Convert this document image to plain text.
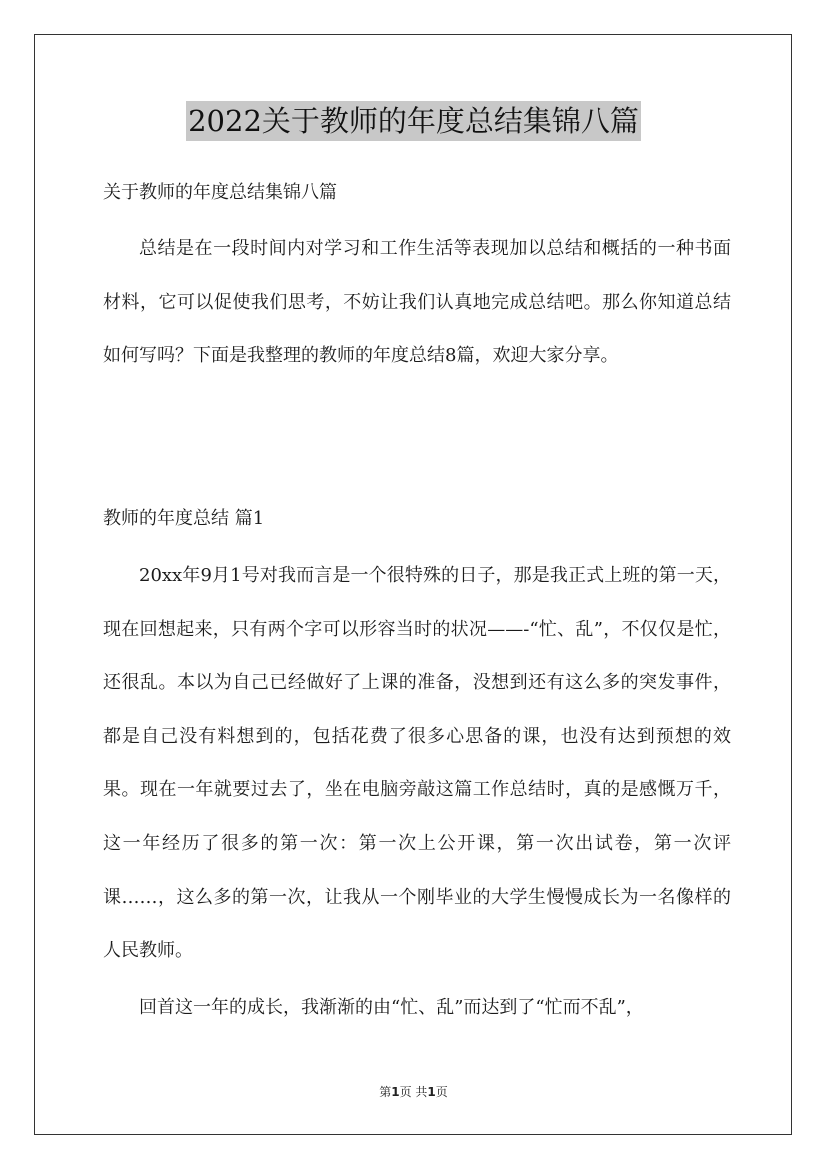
2022关于教师的年度总结集锦八篇
关于教师的年度总结集锦八篇

总结是在一段时间内对学习和工作生活等表现加以总结和概括的一种书面材料，它可以促使我们思考，不妨让我们认真地完成总结吧。那么你知道总结如何写吗？下面是我整理的教师的年度总结8篇，欢迎大家分享。

教师的年度总结 篇1

20xx年9月1号对我而言是一个很特殊的日子，那是我正式上班的第一天，现在回想起来，只有两个字可以形容当时的状况——-“忙、乱”，不仅仅是忙，还很乱。本以为自己已经做好了上课的准备，没想到还有这么多的突发事件，都是自己没有料想到的，包括花费了很多心思备的课，也没有达到预想的效果。现在一年就要过去了，坐在电脑旁敲这篇工作总结时，真的是感慨万千，这一年经历了很多的第一次：第一次上公开课，第一次出试卷，第一次评课……，这么多的第一次，让我从一个刚毕业的大学生慢慢成长为一名像样的人民教师。

回首这一年的成长，我渐渐的由“忙、乱”而达到了“忙而不乱”，

第1页 共1页
